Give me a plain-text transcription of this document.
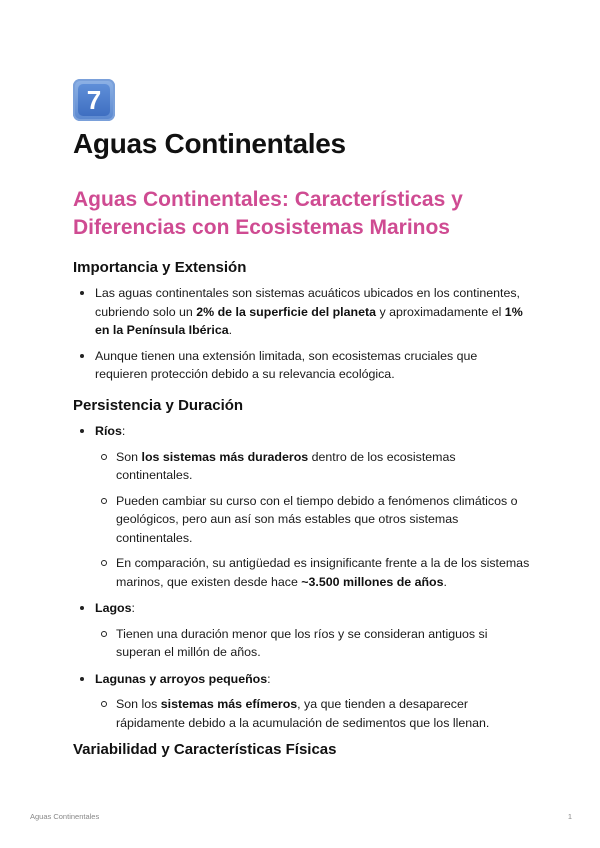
7
Aguas Continentales
Aguas Continentales: Características y Diferencias con Ecosistemas Marinos
Importancia y Extensión
Las aguas continentales son sistemas acuáticos ubicados en los continentes, cubriendo solo un 2% de la superficie del planeta y aproximadamente el 1% en la Península Ibérica.
Aunque tienen una extensión limitada, son ecosistemas cruciales que requieren protección debido a su relevancia ecológica.
Persistencia y Duración
Ríos:
Son los sistemas más duraderos dentro de los ecosistemas continentales.
Pueden cambiar su curso con el tiempo debido a fenómenos climáticos o geológicos, pero aun así son más estables que otros sistemas continentales.
En comparación, su antigüedad es insignificante frente a la de los sistemas marinos, que existen desde hace ~3.500 millones de años.
Lagos:
Tienen una duración menor que los ríos y se consideran antiguos si superan el millón de años.
Lagunas y arroyos pequeños:
Son los sistemas más efímeros, ya que tienden a desaparecer rápidamente debido a la acumulación de sedimentos que los llenan.
Variabilidad y Características Físicas
Aguas Continentales	1
